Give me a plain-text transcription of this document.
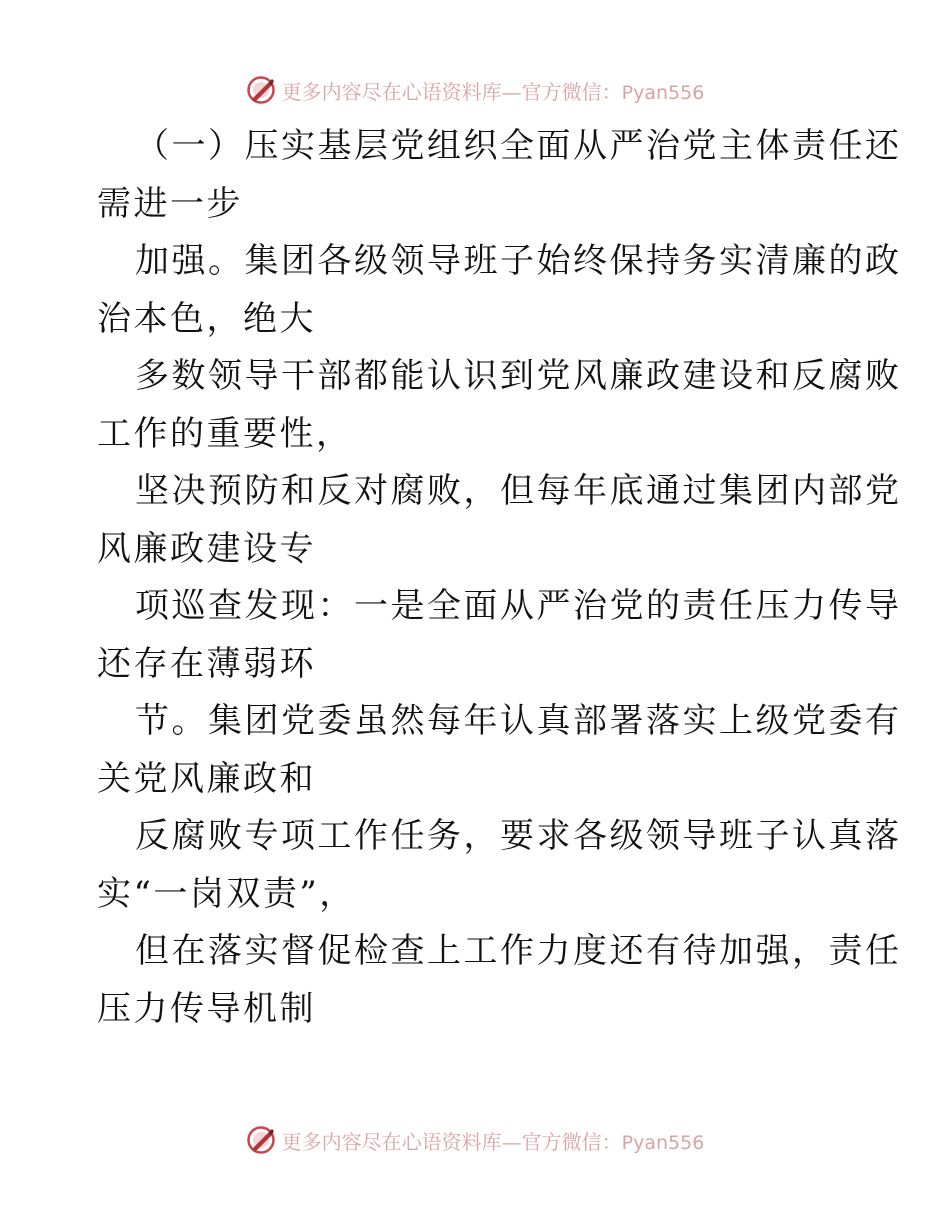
更多内容尽在心语资料库—官方微信：Pyan556
（一）压实基层党组织全面从严治党主体责任还
需进一步
加强。集团各级领导班子始终保持务实清廉的政
治本色，绝大
多数领导干部都能认识到党风廉政建设和反腐败
工作的重要性，
坚决预防和反对腐败，但每年底通过集团内部党
风廉政建设专
项巡查发现：一是全面从严治党的责任压力传导
还存在薄弱环
节。集团党委虽然每年认真部署落实上级党委有
关党风廉政和
反腐败专项工作任务，要求各级领导班子认真落
实“一岗双责”，
但在落实督促检查上工作力度还有待加强，责任
压力传导机制
更多内容尽在心语资料库—官方微信：Pyan556
